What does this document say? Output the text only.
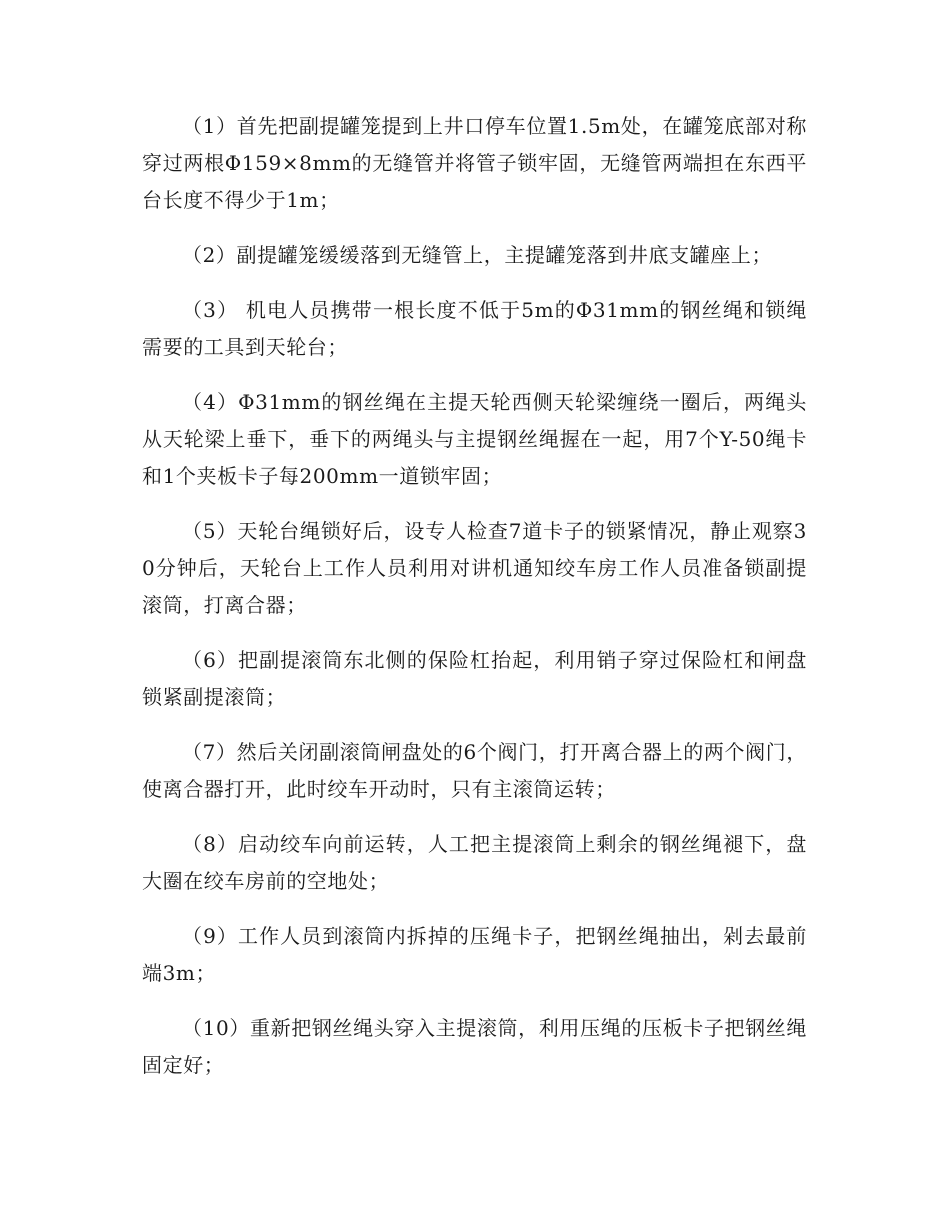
（1）首先把副提罐笼提到上井口停车位置1.5m处，在罐笼底部对称穿过两根Φ159×8mm的无缝管并将管子锁牢固，无缝管两端担在东西平台长度不得少于1m；

（2）副提罐笼缓缓落到无缝管上，主提罐笼落到井底支罐座上；

（3） 机电人员携带一根长度不低于5m的Φ31mm的钢丝绳和锁绳需要的工具到天轮台；

（4）Φ31mm的钢丝绳在主提天轮西侧天轮梁缠绕一圈后，两绳头从天轮梁上垂下，垂下的两绳头与主提钢丝绳握在一起，用7个Y-50绳卡和1个夹板卡子每200mm一道锁牢固；

（5）天轮台绳锁好后，设专人检查7道卡子的锁紧情况，静止观察30分钟后，天轮台上工作人员利用对讲机通知绞车房工作人员准备锁副提滚筒，打离合器；

（6）把副提滚筒东北侧的保险杠抬起，利用销子穿过保险杠和闸盘锁紧副提滚筒；

（7）然后关闭副滚筒闸盘处的6个阀门，打开离合器上的两个阀门，使离合器打开，此时绞车开动时，只有主滚筒运转；

（8）启动绞车向前运转，人工把主提滚筒上剩余的钢丝绳褪下，盘大圈在绞车房前的空地处；

（9）工作人员到滚筒内拆掉的压绳卡子，把钢丝绳抽出，剁去最前端3m；

（10）重新把钢丝绳头穿入主提滚筒，利用压绳的压板卡子把钢丝绳固定好；
